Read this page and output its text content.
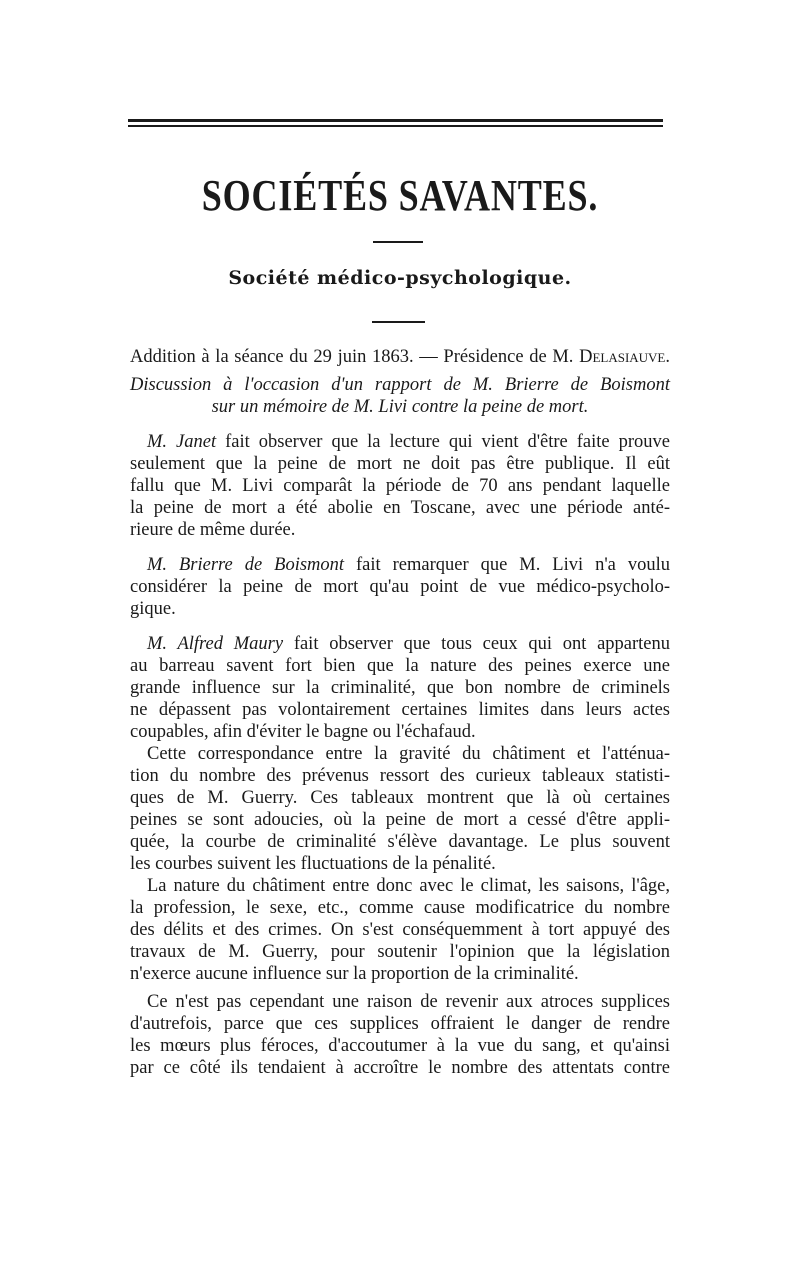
SOCIÉTÉS SAVANTES.
Société médico-psychologique.
Addition à la séance du 29 juin 1863. — Présidence de M. Delasiauve.
Discussion à l'occasion d'un rapport de M. Brierre de Boismont
sur un mémoire de M. Livi contre la peine de mort.
M. Janet fait observer que la lecture qui vient d'être faite prouve
seulement que la peine de mort ne doit pas être publique. Il eût
fallu que M. Livi comparât la période de 70 ans pendant laquelle
la peine de mort a été abolie en Toscane, avec une période anté-
rieure de même durée.
M. Brierre de Boismont fait remarquer que M. Livi n'a voulu
considérer la peine de mort qu'au point de vue médico-psycholo-
gique.
M. Alfred Maury fait observer que tous ceux qui ont appartenu
au barreau savent fort bien que la nature des peines exerce une
grande influence sur la criminalité, que bon nombre de criminels
ne dépassent pas volontairement certaines limites dans leurs actes
coupables, afin d'éviter le bagne ou l'échafaud.
Cette correspondance entre la gravité du châtiment et l'atténua-
tion du nombre des prévenus ressort des curieux tableaux statisti-
ques de M. Guerry. Ces tableaux montrent que là où certaines
peines se sont adoucies, où la peine de mort a cessé d'être appli-
quée, la courbe de criminalité s'élève davantage. Le plus souvent
les courbes suivent les fluctuations de la pénalité.
La nature du châtiment entre donc avec le climat, les saisons, l'âge,
la profession, le sexe, etc., comme cause modificatrice du nombre
des délits et des crimes. On s'est conséquemment à tort appuyé des
travaux de M. Guerry, pour soutenir l'opinion que la législation
n'exerce aucune influence sur la proportion de la criminalité.
Ce n'est pas cependant une raison de revenir aux atroces supplices
d'autrefois, parce que ces supplices offraient le danger de rendre
les mœurs plus féroces, d'accoutumer à la vue du sang, et qu'ainsi
par ce côté ils tendaient à accroître le nombre des attentats contre
